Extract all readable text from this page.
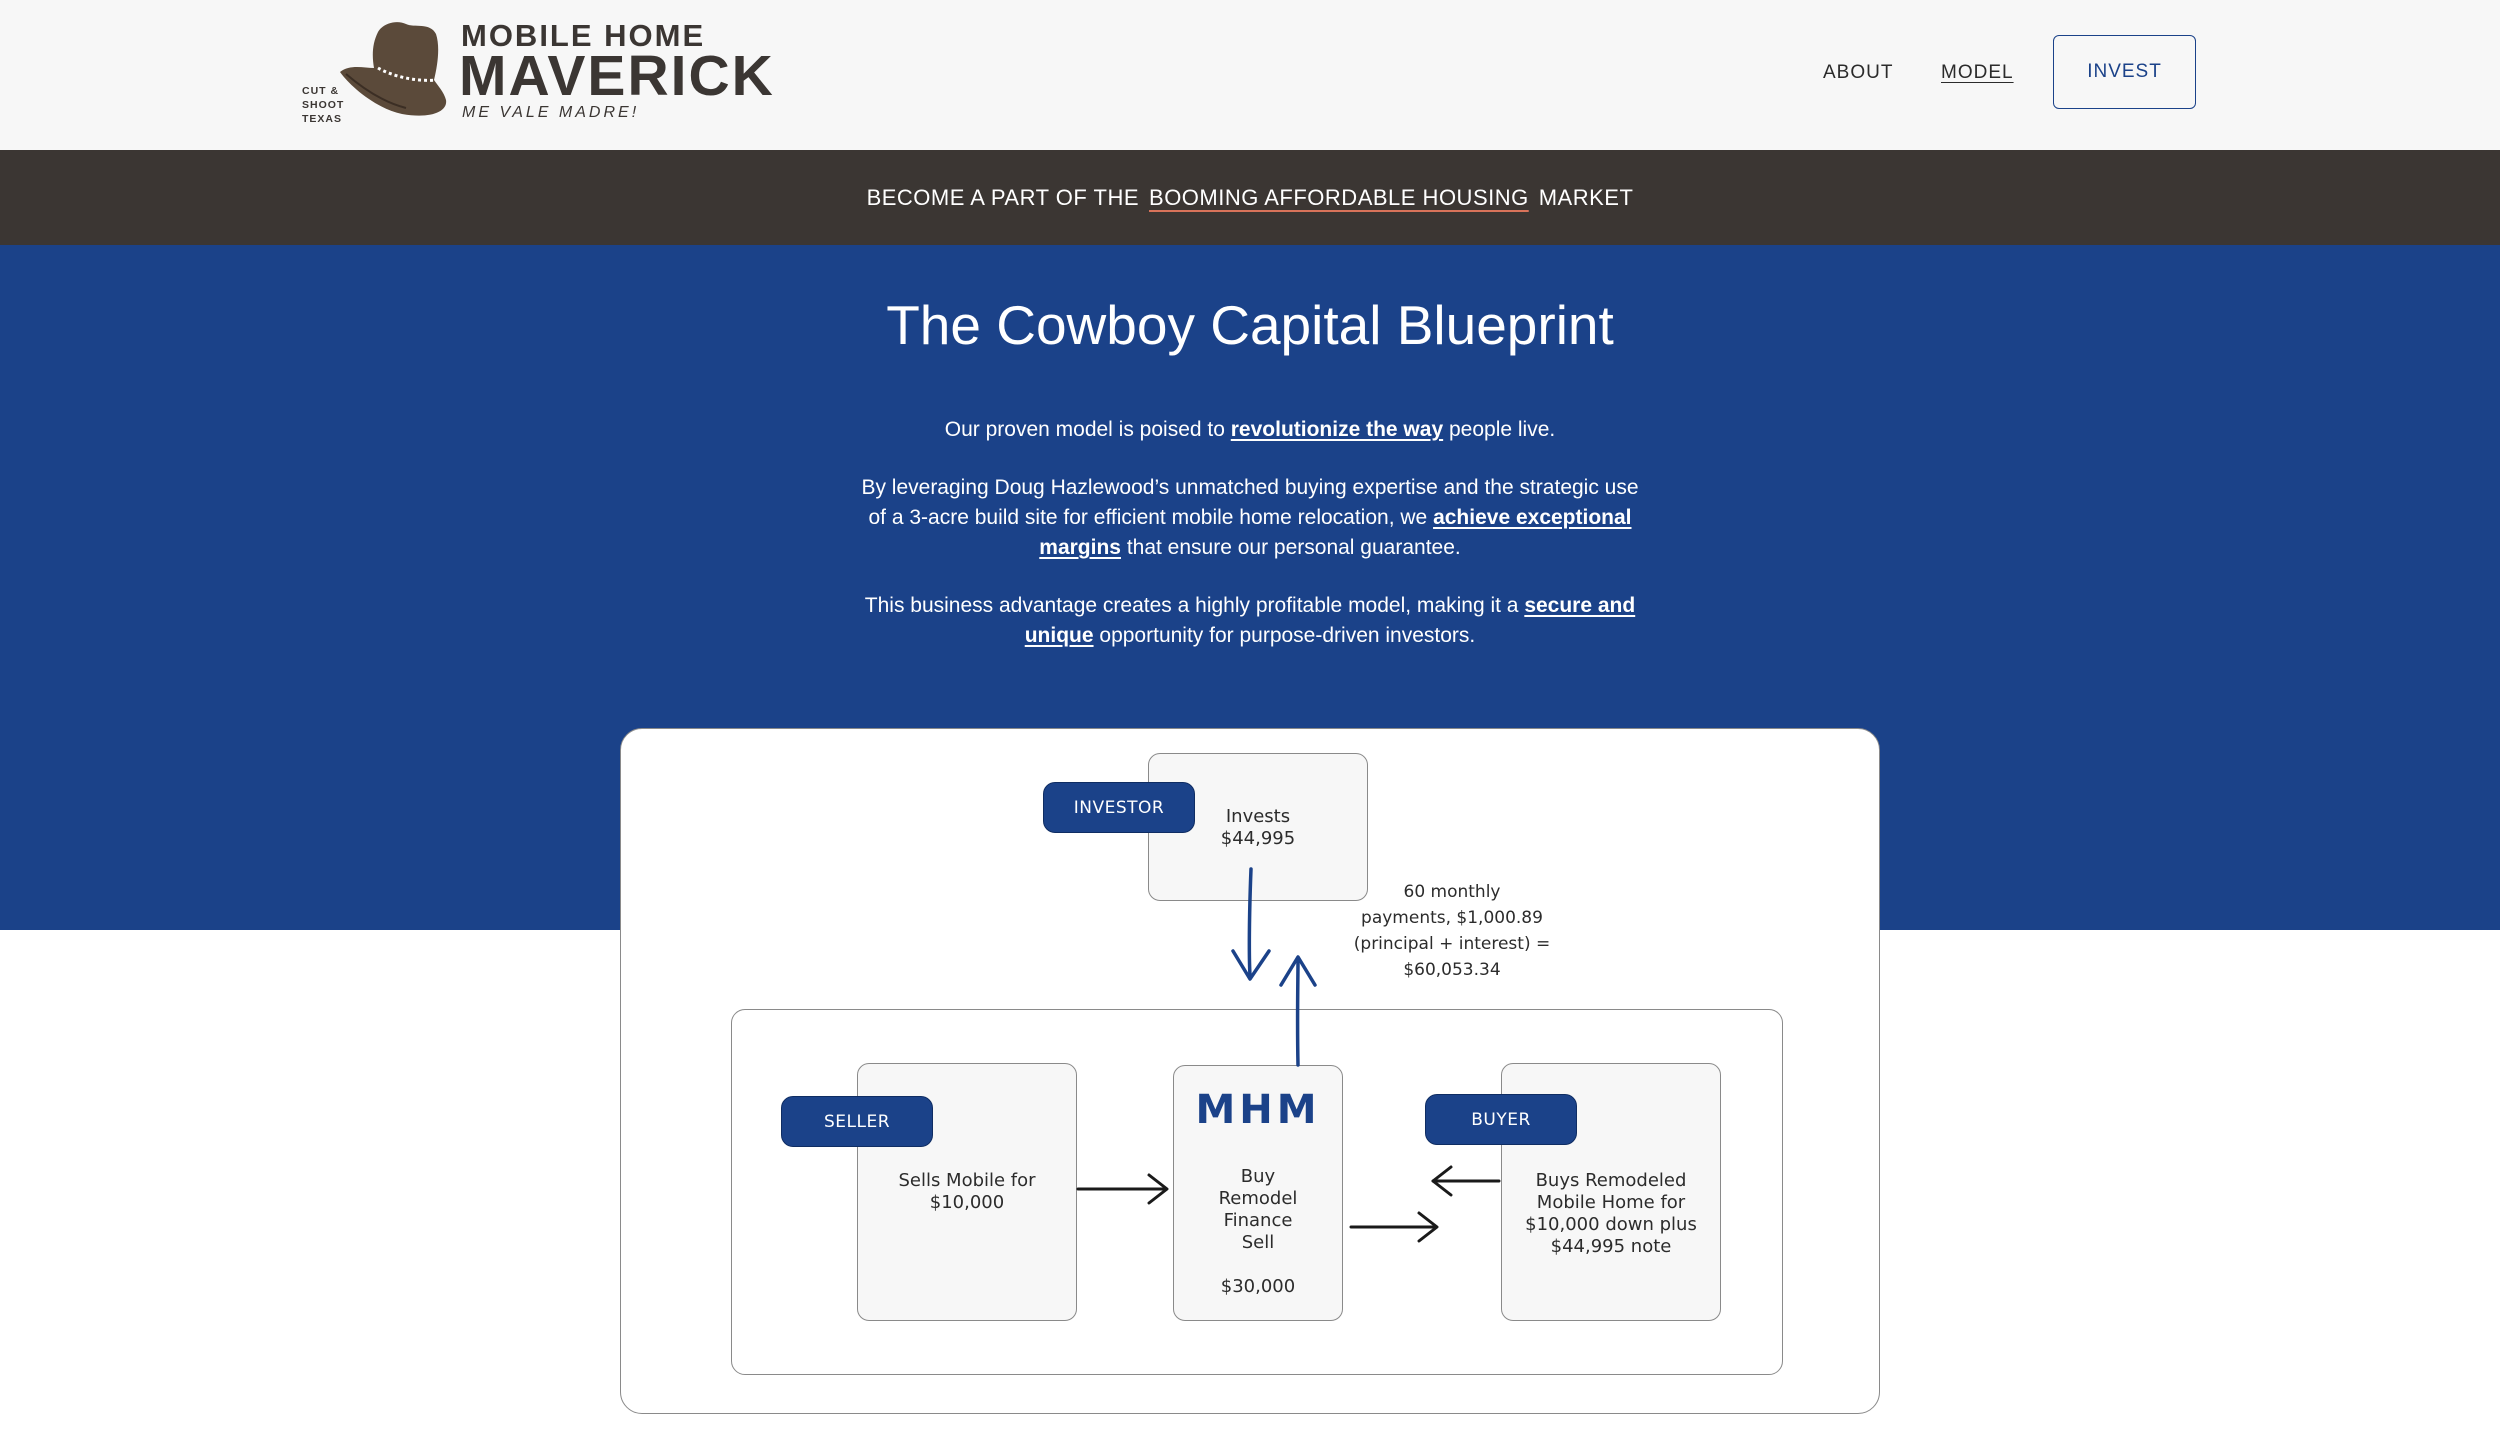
CUT &
SHOOT
TEXAS
MOBILE HOME
MAVERICK
ME VALE MADRE!
ABOUT	MODEL	INVEST
BECOME A PART OF THE BOOMING AFFORDABLE HOUSING MARKET
The Cowboy Capital Blueprint

Our proven model is poised to revolutionize the way people live.

By leveraging Doug Hazlewood’s unmatched buying expertise and the strategic use of a 3-acre build site for efficient mobile home relocation, we achieve exceptional margins that ensure our personal guarantee.

This business advantage creates a highly profitable model, making it a secure and unique opportunity for purpose-driven investors.

Invests
$44,995
INVESTOR
60 monthly
payments, $1,000.89
(principal + interest) =
$60,053.34
Sells Mobile for
$10,000
SELLER	MHM
Buy
Remodel
Finance
Sell
$30,000
Buys Remodeled
Mobile Home for
$10,000 down plus
$44,995 note
BUYER
